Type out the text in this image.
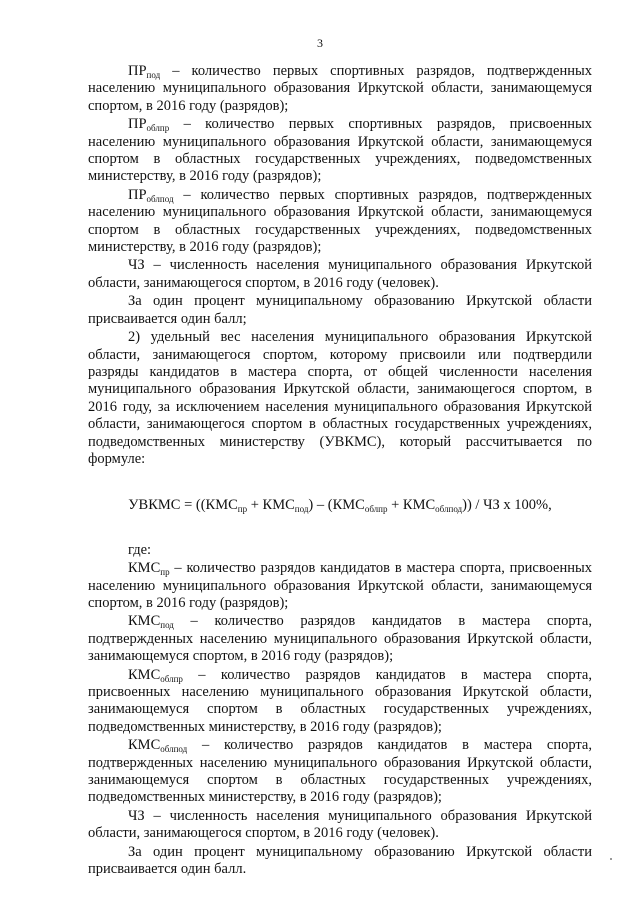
3

$ПР_{под}$ – количество первых спортивных разрядов, подтвержденных населению муниципального образования Иркутской области, занимающемуся спортом, в 2016 году (разрядов);

$ПР_{облпр}$ – количество первых спортивных разрядов, присвоенных населению муниципального образования Иркутской области, занимающемуся спортом в областных государственных учреждениях, подведомственных министерству, в 2016 году (разрядов);

$ПР_{облпод}$ – количество первых спортивных разрядов, подтвержденных населению муниципального образования Иркутской области, занимающемуся спортом в областных государственных учреждениях, подведомственных министерству, в 2016 году (разрядов);

ЧЗ – численность населения муниципального образования Иркутской области, занимающегося спортом, в 2016 году (человек).

За один процент муниципальному образованию Иркутской области присваивается один балл;

2) удельный вес населения муниципального образования Иркутской области, занимающегося спортом, которому присвоили или подтвердили разряды кандидатов в мастера спорта, от общей численности населения муниципального образования Иркутской области, занимающегося спортом, в 2016 году, за исключением населения муниципального образования Иркутской области, занимающегося спортом в областных государственных учреждениях, подведомственных министерству (УВКМС), который рассчитывается по формуле:

УВКМС = $((КМС_{пр} + КМС_{под}) - (КМС_{облпр} + КМС_{облпод}))$ / ЧЗ х 100%,

где:

$КМС_{пр}$ – количество разрядов кандидатов в мастера спорта, присвоенных населению муниципального образования Иркутской области, занимающемуся спортом, в 2016 году (разрядов);

$КМС_{под}$ – количество разрядов кандидатов в мастера спорта, подтвержденных населению муниципального образования Иркутской области, занимающемуся спортом, в 2016 году (разрядов);

$КМС_{облпр}$ – количество разрядов кандидатов в мастера спорта, присвоенных населению муниципального образования Иркутской области, занимающемуся спортом в областных государственных учреждениях, подведомственных министерству, в 2016 году (разрядов);

$КМС_{облпод}$ – количество разрядов кандидатов в мастера спорта, подтвержденных населению муниципального образования Иркутской области, занимающемуся спортом в областных государственных учреждениях, подведомственных министерству, в 2016 году (разрядов);

ЧЗ – численность населения муниципального образования Иркутской области, занимающегося спортом, в 2016 году (человек).

За один процент муниципальному образованию Иркутской области присваивается один балл.
